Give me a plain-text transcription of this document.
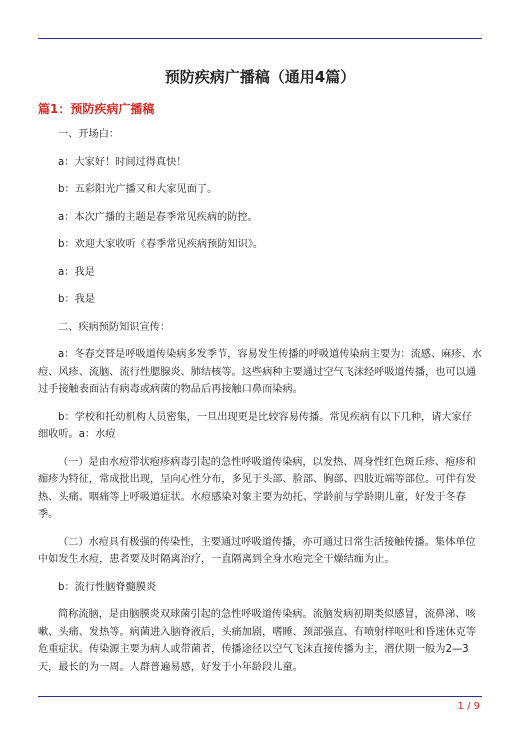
预防疾病广播稿（通用4篇）
篇1：预防疾病广播稿

一、开场白：

a：大家好！时间过得真快！

b：五彩阳光广播又和大家见面了。

a：本次广播的主题是春季常见疾病的防控。

b：欢迎大家收听《春季常见疾病预防知识》。

a：我是

b：我是

二、疾病预防知识宣传：

a：冬春交替是呼吸道传染病多发季节，容易发生传播的呼吸道传染病主要为：流感、麻疹、水痘、风疹、流脑、流行性腮腺炎、肺结核等。这些病种主要通过空气飞沫经呼吸道传播，也可以通过手接触表面沾有病毒或病菌的物品后再接触口鼻而染病。

b：学校和托幼机构人员密集，一旦出现更是比较容易传播。常见疾病有以下几种，请大家仔细收听。a：水痘

（一）是由水痘带状疱疹病毒引起的急性呼吸道传染病，以发热、周身性红色斑丘疹、疱疹和痂疹为特征，常成批出现，呈向心性分布，多见于头部、脸部、胸部、四肢近端等部位。可伴有发热、头痛、咽痛等上呼吸道症状。水痘感染对象主要为幼托、学龄前与学龄期儿童，好发于冬春季。

（二）水痘具有极强的传染性，主要通过呼吸道传播，亦可通过日常生活接触传播。集体单位中如发生水痘，患者要及时隔离治疗，一直隔离到全身水疱完全干燥结痂为止。

b：流行性脑脊髓膜炎

简称流脑，是由脑膜炎双球菌引起的急性呼吸道传染病。流脑发病初期类似感冒，流鼻涕、咳嗽、头痛、发热等。病菌进入脑脊液后，头痛加剧，嗜睡、颈部强直、有喷射样呕吐和昏迷休克等危重症状。传染源主要为病人或带菌者，传播途径以空气飞沫直接传播为主，潜伏期一般为2—3天，最长的为一周。人群普遍易感，好发于小年龄段儿童。

1 / 9
